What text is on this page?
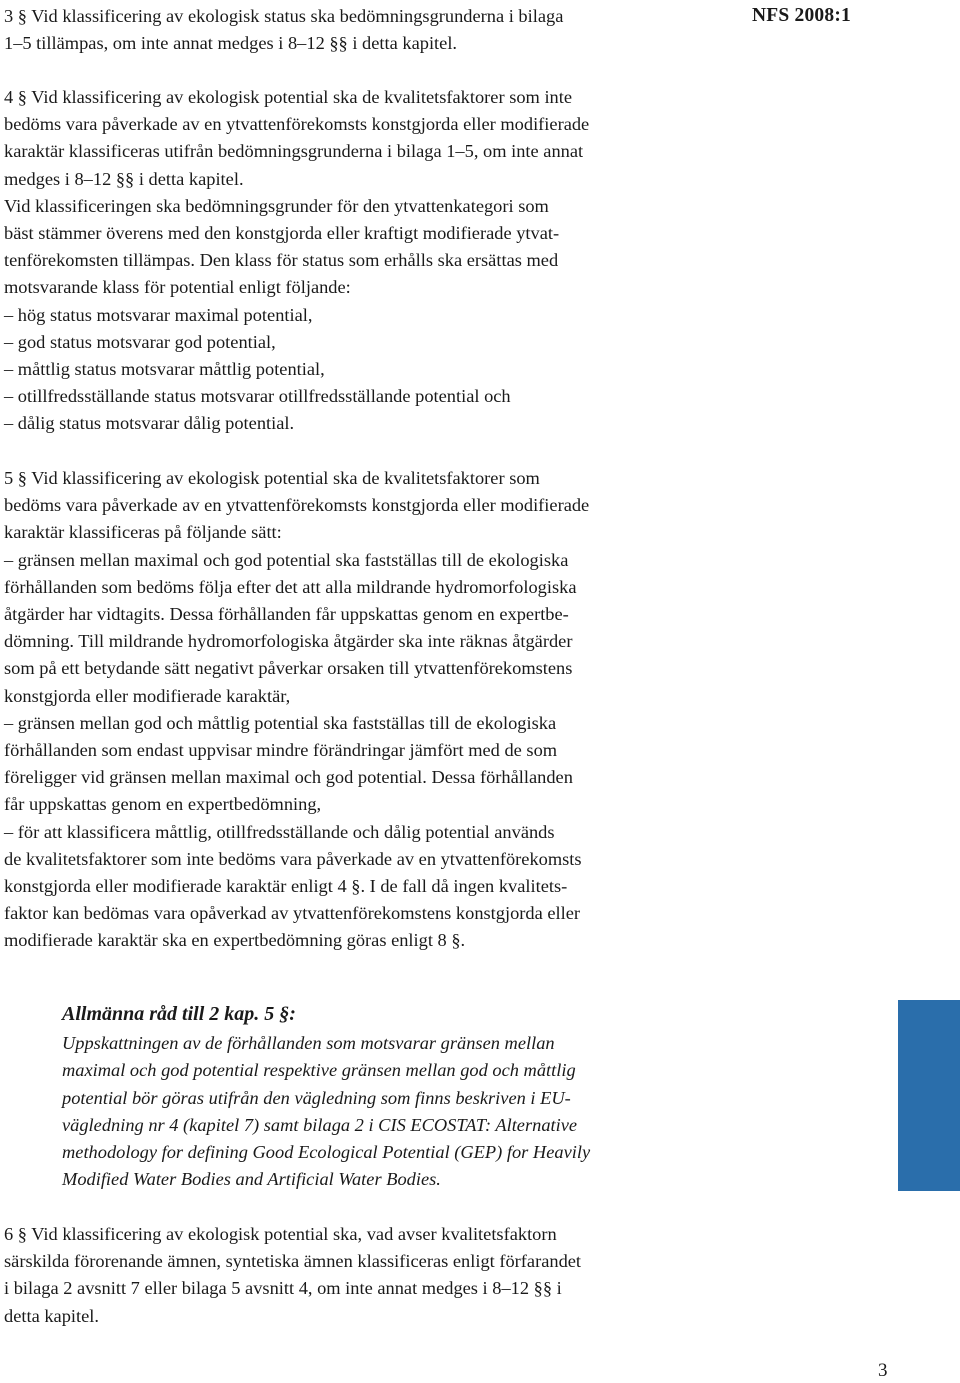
NFS 2008:1
3 § Vid klassificering av ekologisk status ska bedömningsgrunderna i bilaga
1–5 tillämpas, om inte annat medges i 8–12 §§ i detta kapitel.
4 § Vid klassificering av ekologisk potential ska de kvalitetsfaktorer som inte
bedöms vara påverkade av en ytvattenförekomsts konstgjorda eller modifierade
karaktär klassificeras utifrån bedömningsgrunderna i bilaga 1–5, om inte annat
medges i 8–12 §§ i detta kapitel.
Vid klassificeringen ska bedömningsgrunder för den ytvattenkategori som
bäst stämmer överens med den konstgjorda eller kraftigt modifierade ytvat-
tenförekomsten tillämpas. Den klass för status som erhålls ska ersättas med
motsvarande klass för potential enligt följande:
– hög status motsvarar maximal potential,
– god status motsvarar god potential,
– måttlig status motsvarar måttlig potential,
– otillfredsställande status motsvarar otillfredsställande potential och
– dålig status motsvarar dålig potential.
5 § Vid klassificering av ekologisk potential ska de kvalitetsfaktorer som
bedöms vara påverkade av en ytvattenförekomsts konstgjorda eller modifierade
karaktär klassificeras på följande sätt:
– gränsen mellan maximal och god potential ska fastställas till de ekologiska
förhållanden som bedöms följa efter det att alla mildrande hydromorfologiska
åtgärder har vidtagits. Dessa förhållanden får uppskattas genom en expertbe-
dömning. Till mildrande hydromorfologiska åtgärder ska inte räknas åtgärder
som på ett betydande sätt negativt påverkar orsaken till ytvattenförekomstens
konstgjorda eller modifierade karaktär,
– gränsen mellan god och måttlig potential ska fastställas till de ekologiska
förhållanden som endast uppvisar mindre förändringar jämfört med de som
föreligger vid gränsen mellan maximal och god potential. Dessa förhållanden
får uppskattas genom en expertbedömning,
– för att klassificera måttlig, otillfredsställande och dålig potential används
de kvalitetsfaktorer som inte bedöms vara påverkade av en ytvattenförekomsts
konstgjorda eller modifierade karaktär enligt 4 §. I de fall då ingen kvalitets-
faktor kan bedömas vara opåverkad av ytvattenförekomstens konstgjorda eller
modifierade karaktär ska en expertbedömning göras enligt 8 §.
Allmänna råd till 2 kap. 5 §:
Uppskattningen av de förhållanden som motsvarar gränsen mellan
maximal och god potential respektive gränsen mellan god och måttlig
potential bör göras utifrån den vägledning som finns beskriven i EU-
vägledning nr 4 (kapitel 7) samt bilaga 2 i CIS ECOSTAT: Alternative
methodology for defining Good Ecological Potential (GEP) for Heavily
Modified Water Bodies and Artificial Water Bodies.
6 § Vid klassificering av ekologisk potential ska, vad avser kvalitetsfaktorn
särskilda förorenande ämnen, syntetiska ämnen klassificeras enligt förfarandet
i bilaga 2 avsnitt 7 eller bilaga 5 avsnitt 4, om inte annat medges i 8–12 §§ i
detta kapitel.
3
